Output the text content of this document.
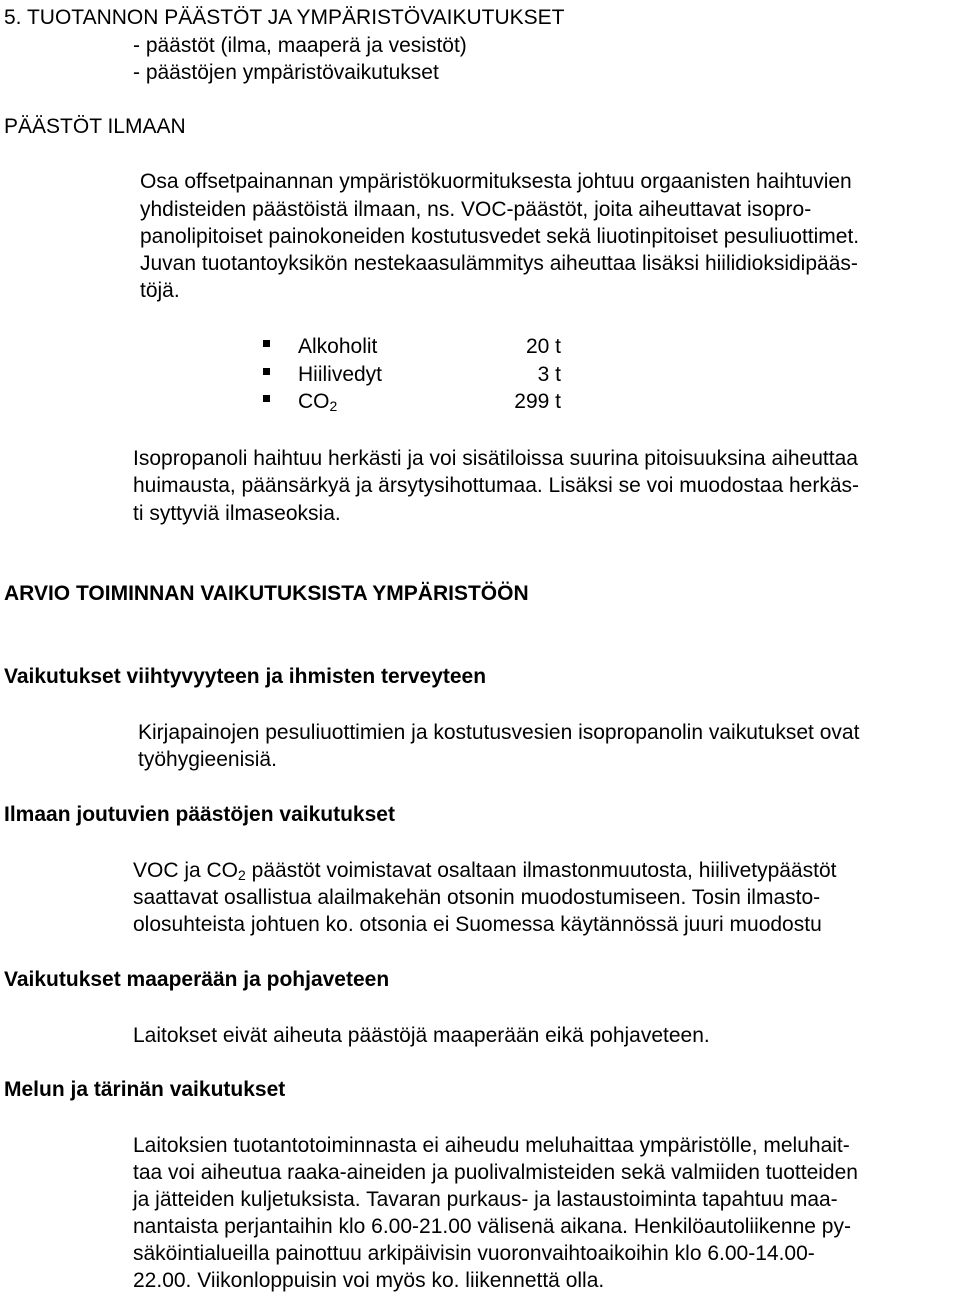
5. TUOTANNON PÄÄSTÖT JA YMPÄRISTÖVAIKUTUKSET
- päästöt (ilma, maaperä ja vesistöt)
- päästöjen ympäristövaikutukset
PÄÄSTÖT ILMAAN
Osa offsetpainannan ympäristökuormituksesta johtuu orgaanisten haihtuvien
yhdisteiden päästöistä ilmaan, ns. VOC-päästöt, joita aiheuttavat isopro-
panolipitoiset painokoneiden kostutusvedet sekä liuotinpitoiset pesuliuottimet.
Juvan tuotantoyksikön nestekaasulämmitys aiheuttaa lisäksi hiilidioksidipääs-
töjä.
Alkoholit	20 t
Hiilivedyt	3 t
$CO_2$	299 t
Isopropanoli haihtuu herkästi ja voi sisätiloissa suurina pitoisuuksina aiheuttaa
huimausta, päänsärkyä ja ärsytysihottumaa. Lisäksi se voi muodostaa herkäs-
ti syttyviä ilmaseoksia.
ARVIO TOIMINNAN VAIKUTUKSISTA YMPÄRISTÖÖN
Vaikutukset viihtyvyyteen ja ihmisten terveyteen
Kirjapainojen pesuliuottimien ja kostutusvesien isopropanolin vaikutukset ovat
työhygieenisiä.
Ilmaan joutuvien päästöjen vaikutukset
VOC ja $CO_2$ päästöt voimistavat osaltaan ilmastonmuutosta, hiilivetypäästöt
saattavat osallistua alailmakehän otsonin muodostumiseen. Tosin ilmasto-
olosuhteista johtuen ko. otsonia ei Suomessa käytännössä juuri muodostu
Vaikutukset maaperään ja pohjaveteen
Laitokset eivät aiheuta päästöjä maaperään eikä pohjaveteen.
Melun ja tärinän vaikutukset
Laitoksien tuotantotoiminnasta ei aiheudu meluhaittaa ympäristölle, meluhait-
taa voi aiheutua raaka-aineiden ja puolivalmisteiden sekä valmiiden tuotteiden
ja jätteiden kuljetuksista. Tavaran purkaus- ja lastaustoiminta tapahtuu maa-
nantaista perjantaihin klo 6.00-21.00 välisenä aikana. Henkilöautoliikenne py-
säköintialueilla painottuu arkipäivisin vuoronvaihtoaikoihin klo 6.00-14.00-
22.00. Viikonloppuisin voi myös ko. liikennettä olla.
